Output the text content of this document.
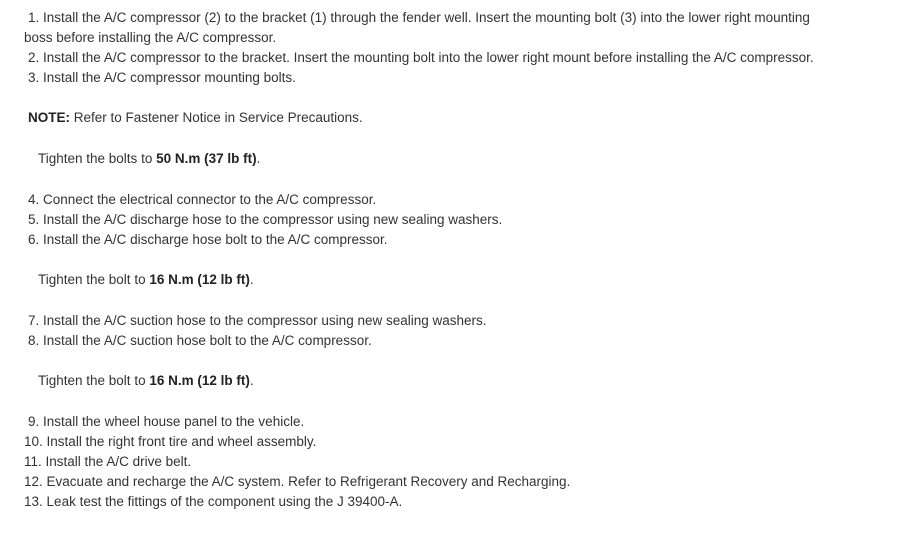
1. Install the A/C compressor (2) to the bracket (1) through the fender well. Insert the mounting bolt (3) into the lower right mounting
boss before installing the A/C compressor.
2. Install the A/C compressor to the bracket. Insert the mounting bolt into the lower right mount before installing the A/C compressor.
3. Install the A/C compressor mounting bolts.
NOTE: Refer to Fastener Notice in Service Precautions.
Tighten the bolts to 50 N.m (37 lb ft).
4. Connect the electrical connector to the A/C compressor.
5. Install the A/C discharge hose to the compressor using new sealing washers.
6. Install the A/C discharge hose bolt to the A/C compressor.
Tighten the bolt to 16 N.m (12 lb ft).
7. Install the A/C suction hose to the compressor using new sealing washers.
8. Install the A/C suction hose bolt to the A/C compressor.
Tighten the bolt to 16 N.m (12 lb ft).
9. Install the wheel house panel to the vehicle.
10. Install the right front tire and wheel assembly.
11. Install the A/C drive belt.
12. Evacuate and recharge the A/C system. Refer to Refrigerant Recovery and Recharging.
13. Leak test the fittings of the component using the J 39400-A.
